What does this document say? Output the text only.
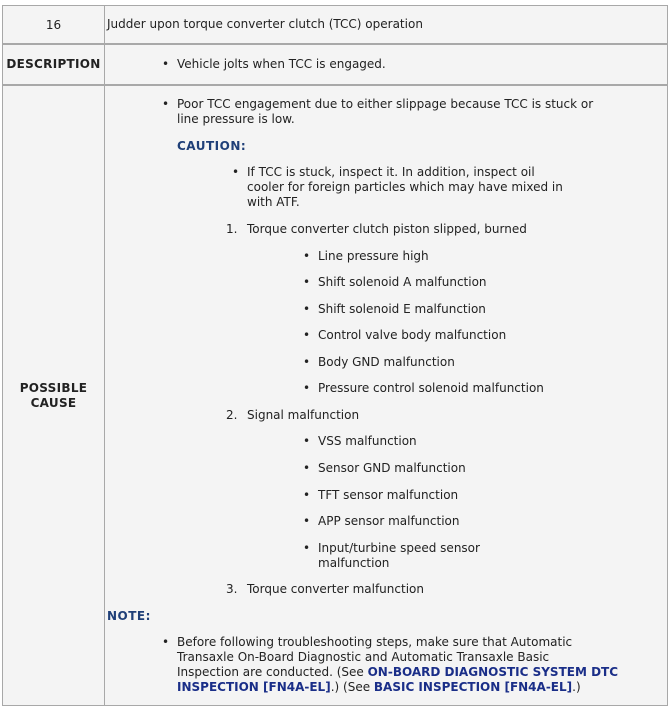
16	Judder upon torque converter clutch (TCC) operation
DESCRIPTION
•	Vehicle jolts when TCC is engaged.
POSSIBLE
CAUSE
• Poor TCC engagement due to either slippage because TCC is stuck or
line pressure is low.
CAUTION:
• If TCC is stuck, inspect it. In addition, inspect oil
cooler for foreign particles which may have mixed in
with ATF.
1. Torque converter clutch piston slipped, burned
• Line pressure high
• Shift solenoid A malfunction
• Shift solenoid E malfunction
• Control valve body malfunction
• Body GND malfunction
• Pressure control solenoid malfunction
2. Signal malfunction
• VSS malfunction
• Sensor GND malfunction
• TFT sensor malfunction
• APP sensor malfunction
• Input/turbine speed sensor
malfunction
3. Torque converter malfunction
NOTE:
• Before following troubleshooting steps, make sure that Automatic
Transaxle On-Board Diagnostic and Automatic Transaxle Basic
Inspection are conducted. (See ON-BOARD DIAGNOSTIC SYSTEM DTC
INSPECTION [FN4A-EL].) (See BASIC INSPECTION [FN4A-EL].)
